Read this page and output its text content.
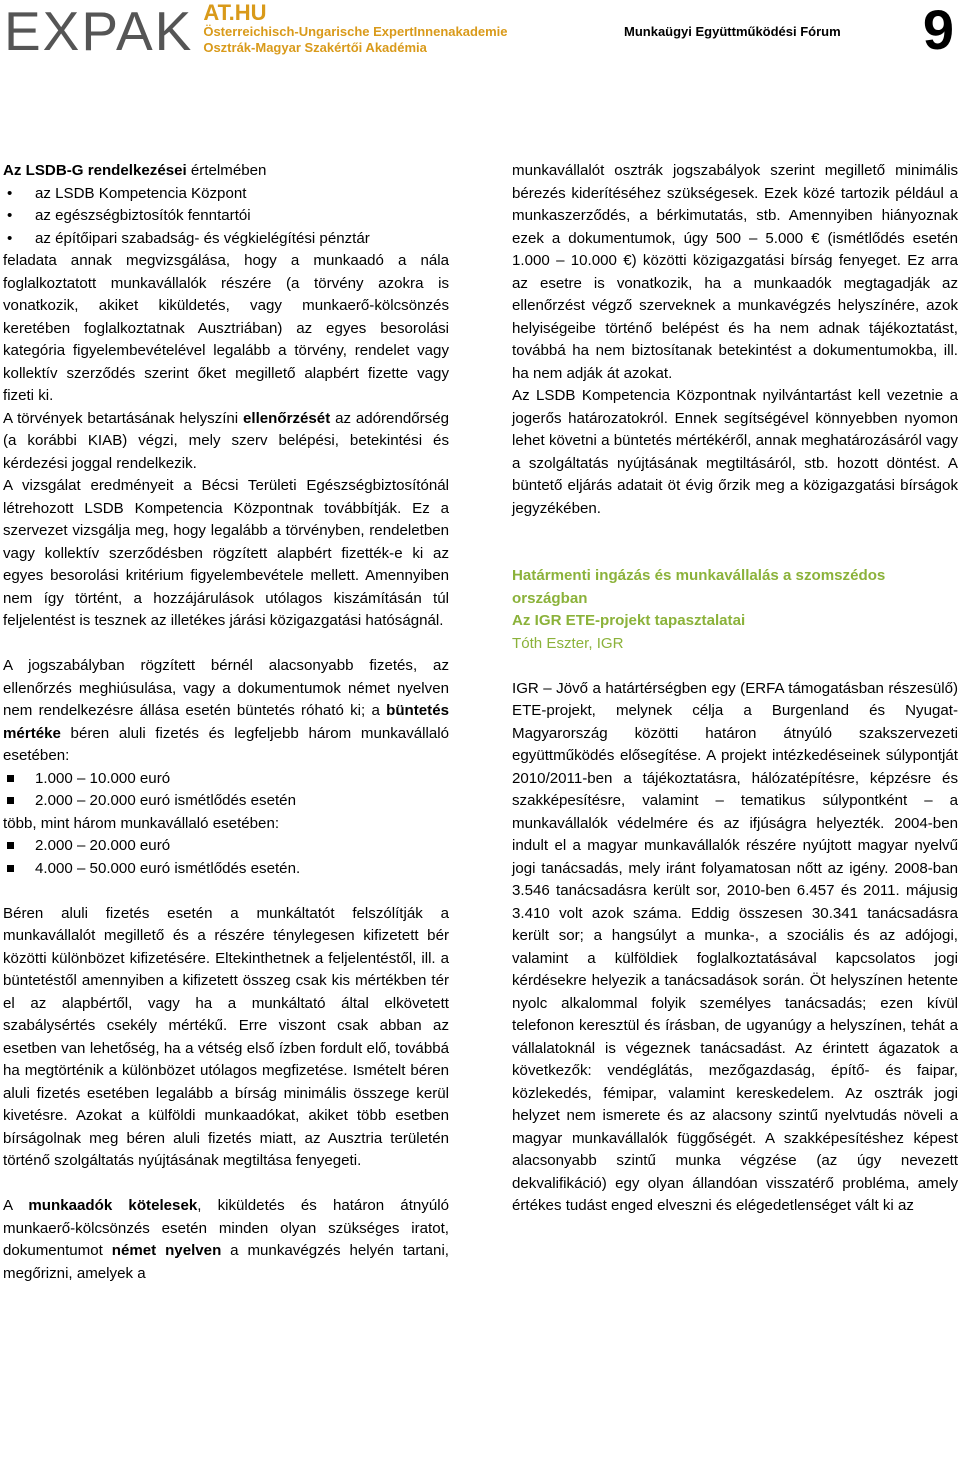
EXPAK AT.HU
Österreichisch-Ungarische ExpertInnenakademie
Osztrák-Magyar Szakértői Akadémia
Munkaügyi Együttműködési Fórum 9

Az LSDB-G rendelkezései értelmében

• az LSDB Kompetencia Központ
• az egészségbiztosítók fenntartói
• az építőipari szabadság- és végkielégítési pénztár

feladata annak megvizsgálása, hogy a munkaadó a nála foglalkoztatott munkavállalók részére (a törvény azokra is vonatkozik, akiket kiküldetés, vagy munkaerő-kölcsönzés keretében foglalkoztatnak Ausztriában) az egyes besorolási kategória figyelembevételével legalább a törvény, rendelet vagy kollektív szerződés szerint őket megillető alapbért fizette vagy fizeti ki.

A törvények betartásának helyszíni ellenőrzését az adórendőrség (a korábbi KIAB) végzi, mely szerv belépési, betekintési és kérdezési joggal rendelkezik.

A vizsgálat eredményeit a Bécsi Területi Egészségbiztosítónál létrehozott LSDB Kompetencia Központnak továbbítják. Ez a szervezet vizsgálja meg, hogy legalább a törvényben, rendeletben vagy kollektív szerződésben rögzített alapbért fizették-e ki az egyes besorolási kritérium figyelembevétele mellett. Amennyiben nem így történt, a hozzájárulások utólagos kiszámításán túl feljelentést is tesznek az illetékes járási közigazgatási hatóságnál.

A jogszabályban rögzített bérnél alacsonyabb fizetés, az ellenőrzés meghiúsulása, vagy a dokumentumok német nyelven nem rendelkezésre állása esetén büntetés róható ki; a büntetés mértéke béren aluli fizetés és legfeljebb három munkavállaló esetében:

1.000 – 10.000 euró
2.000 – 20.000 euró ismétlődés esetén

több, mint három munkavállaló esetében:

2.000 – 20.000 euró
4.000 – 50.000 euró ismétlődés esetén.

Béren aluli fizetés esetén a munkáltatót felszólítják a munkavállalót megillető és a részére ténylegesen kifizetett bér közötti különbözet kifizetésére. Eltekinthetnek a feljelentéstől, ill. a büntetéstől amennyiben a kifizetett összeg csak kis mértékben tér el az alapbértől, vagy ha a munkáltató által elkövetett szabálysértés csekély mértékű. Erre viszont csak abban az esetben van lehetőség, ha a vétség első ízben fordult elő, továbbá ha megtörténik a különbözet utólagos megfizetése. Ismételt béren aluli fizetés esetében legalább a bírság minimális összege kerül kivetésre. Azokat a külföldi munkaadókat, akiket több esetben bírságolnak meg béren aluli fizetés miatt, az Ausztria területén történő szolgáltatás nyújtásának megtiltása fenyegeti.

A munkaadók kötelesek, kiküldetés és határon átnyúló munkaerő-kölcsönzés esetén minden olyan szükséges iratot, dokumentumot német nyelven a munkavégzés helyén tartani, megőrizni, amelyek a

munkavállalót osztrák jogszabályok szerint megillető minimális bérezés kiderítéséhez szükségesek. Ezek közé tartozik például a munkaszerződés, a bérkimutatás, stb. Amennyiben hiányoznak ezek a dokumentumok, úgy 500 – 5.000 € (ismétlődés esetén 1.000 – 10.000 €) közötti közigazgatási bírság fenyeget. Ez arra az esetre is vonatkozik, ha a munkaadók megtagadják az ellenőrzést végző szerveknek a munkavégzés helyszínére, azok helyiségeibe történő belépést és ha nem adnak tájékoztatást, továbbá ha nem biztosítanak betekintést a dokumentumokba, ill. ha nem adják át azokat.

Az LSDB Kompetencia Központnak nyilvántartást kell vezetnie a jogerős határozatokról. Ennek segítségével könnyebben nyomon lehet követni a büntetés mértékéről, annak meghatározásáról vagy a szolgáltatás nyújtásának megtiltásáról, stb. hozott döntést. A büntető eljárás adatait öt évig őrzik meg a közigazgatási bírságok jegyzékében.

Határmenti ingázás és munkavállalás a szomszédos országban
Az IGR ETE-projekt tapasztalatai
Tóth Eszter, IGR

IGR – Jövő a határtérségben egy (ERFA támogatásban részesülő) ETE-projekt, melynek célja a Burgenland és Nyugat-Magyarország közötti határon átnyúló szakszervezeti együttműködés elősegítése. A projekt intézkedéseinek súlypontját 2010/2011-ben a tájékoztatásra, hálózatépítésre, képzésre és szakképesítésre, valamint – tematikus súlypontként – a munkavállalók védelmére és az ifjúságra helyezték. 2004-ben indult el a magyar munkavállalók részére nyújtott magyar nyelvű jogi tanácsadás, mely iránt folyamatosan nőtt az igény. 2008-ban 3.546 tanácsadásra került sor, 2010-ben 6.457 és 2011. májusig 3.410 volt azok száma. Eddig összesen 30.341 tanácsadásra került sor; a hangsúlyt a munka-, a szociális és az adójogi, valamint a külföldiek foglalkoztatásával kapcsolatos jogi kérdésekre helyezik a tanácsadások során. Öt helyszínen hetente nyolc alkalommal folyik személyes tanácsadás; ezen kívül telefonon keresztül és írásban, de ugyanúgy a helyszínen, tehát a vállalatoknál is végeznek tanácsadást. Az érintett ágazatok a következők: vendéglátás, mezőgazdaság, építő- és faipar, közlekedés, fémipar, valamint kereskedelem. Az osztrák jogi helyzet nem ismerete és az alacsony szintű nyelvtudás növeli a magyar munkavállalók függőségét. A szakképesítéshez képest alacsonyabb szintű munka végzése (az úgy nevezett dekvalifikáció) egy olyan állandóan visszatérő probléma, amely értékes tudást enged elveszni és elégedetlenséget vált ki az
